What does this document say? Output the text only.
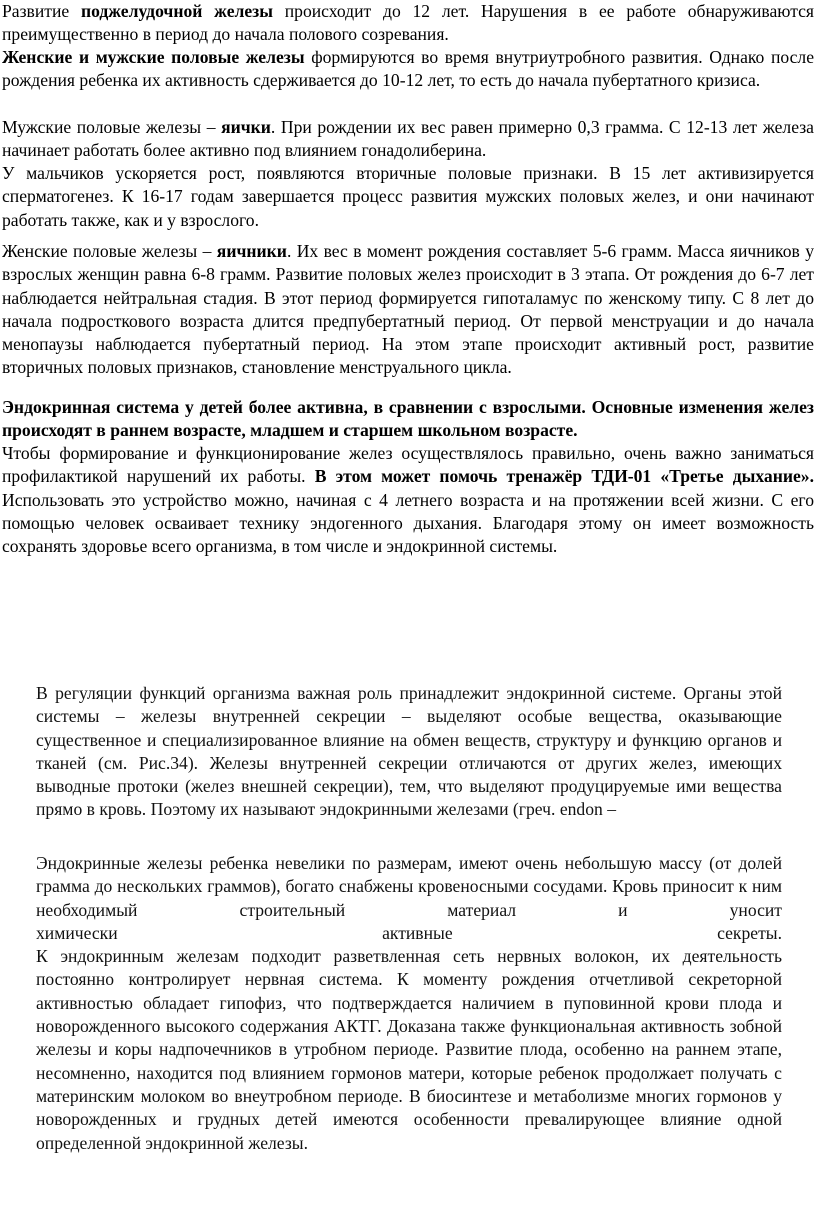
Развитие поджелудочной железы происходит до 12 лет. Нарушения в ее работе обнаруживаются преимущественно в период до начала полового созревания.

Женские и мужские половые железы формируются во время внутриутробного развития. Однако после рождения ребенка их активность сдерживается до 10-12 лет, то есть до начала пубертатного кризиса.

Мужские половые железы – яички. При рождении их вес равен примерно 0,3 грамма. С 12-13 лет железа начинает работать более активно под влиянием гонадолиберина.

У мальчиков ускоряется рост, появляются вторичные половые признаки. В 15 лет активизируется сперматогенез. К 16-17 годам завершается процесс развития мужских половых желез, и они начинают работать также, как и у взрослого.

Женские половые железы – яичники. Их вес в момент рождения составляет 5-6 грамм. Масса яичников у взрослых женщин равна 6-8 грамм. Развитие половых желез происходит в 3 этапа. От рождения до 6-7 лет наблюдается нейтральная стадия. В этот период формируется гипоталамус по женскому типу. С 8 лет до начала подросткового возраста длится предпубертатный период. От первой менструации и до начала менопаузы наблюдается пубертатный период. На этом этапе происходит активный рост, развитие вторичных половых признаков, становление менструального цикла.

Эндокринная система у детей более активна, в сравнении с взрослыми. Основные изменения желез происходят в раннем возрасте, младшем и старшем школьном возрасте.

Чтобы формирование и функционирование желез осуществлялось правильно, очень важно заниматься профилактикой нарушений их работы. В этом может помочь тренажёр ТДИ-01 «Третье дыхание». Использовать это устройство можно, начиная с 4 летнего возраста и на протяжении всей жизни. С его помощью человек осваивает технику эндогенного дыхания. Благодаря этому он имеет возможность сохранять здоровье всего организма, в том числе и эндокринной системы.

В регуляции функций организма важная роль принадлежит эндокринной системе. Органы этой системы – железы внутренней секреции – выделяют особые вещества, оказывающие существенное и специализированное влияние на обмен веществ, структуру и функцию органов и тканей (см. Рис.34). Железы внутренней секреции отличаются от других желез, имеющих выводные протоки (желез внешней секреции), тем, что выделяют продуцируемые ими вещества прямо в кровь. Поэтому их называют эндокринными железами (греч. endon –

Эндокринные железы ребенка невелики по размерам, имеют очень небольшую массу (от долей грамма до нескольких граммов), богато снабжены кровеносными сосудами. Кровь приносит к ним необходимый строительный материал и уносит
химически активные секреты.
К эндокринным железам подходит разветвленная сеть нервных волокон, их деятельность постоянно контролирует нервная система. К моменту рождения отчетливой секреторной активностью обладает гипофиз, что подтверждается наличием в пуповинной крови плода и новорожденного высокого содержания АКТГ. Доказана также функциональная активность зобной железы и коры надпочечников в утробном периоде. Развитие плода, особенно на раннем этапе, несомненно, находится под влиянием гормонов матери, которые ребенок продолжает получать с материнским молоком во внеутробном периоде. В биосинтезе и метаболизме многих гормонов у новорожденных и грудных детей имеются особенности превалирующее влияние одной определенной эндокринной железы.
